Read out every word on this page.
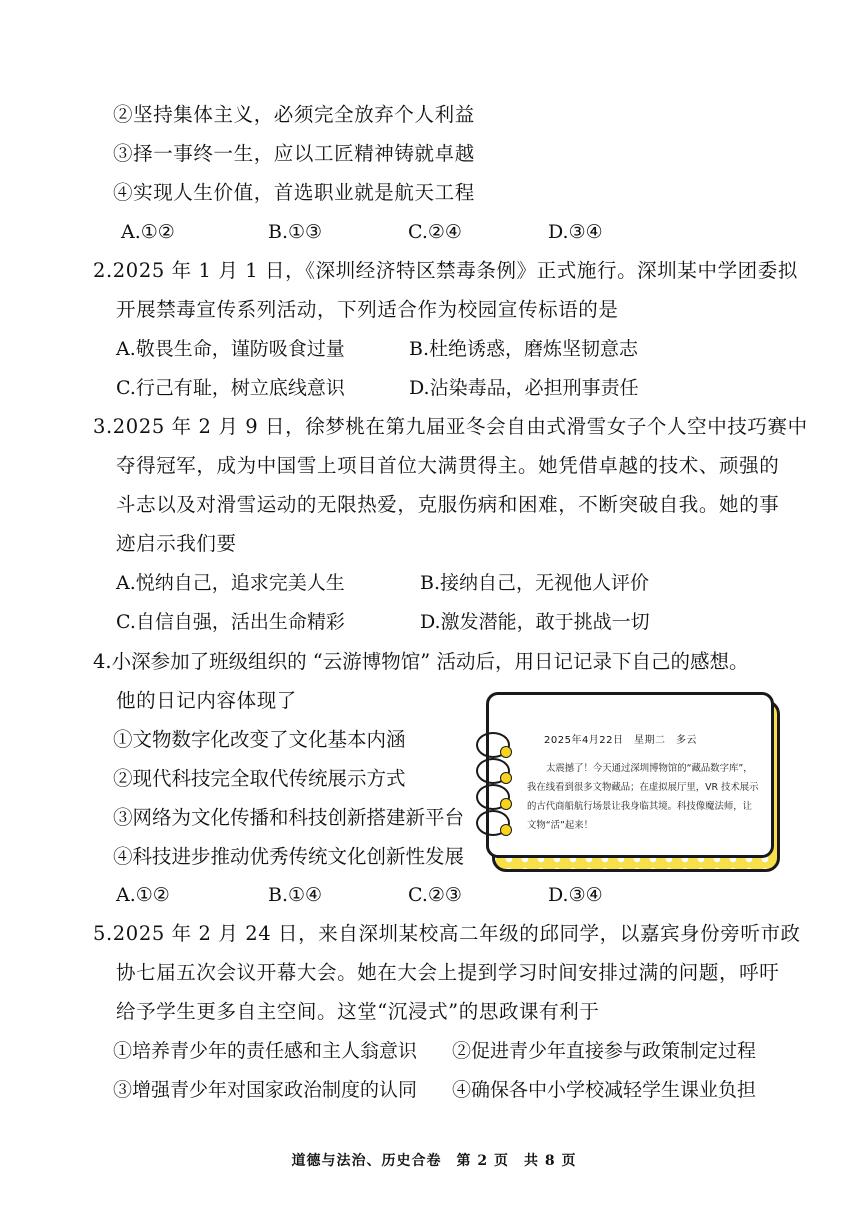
②坚持集体主义，必须完全放弃个人利益
③择一事终一生，应以工匠精神铸就卓越
④实现人生价值，首选职业就是航天工程
A.①②	B.①③	C.②④	D.③④
2.2025 年 1 月 1 日，《深圳经济特区禁毒条例》正式施行。深圳某中学团委拟
开展禁毒宣传系列活动，下列适合作为校园宣传标语的是
A.敬畏生命，谨防吸食过量	B.杜绝诱惑，磨炼坚韧意志
C.行己有耻，树立底线意识	D.沾染毒品，必担刑事责任
3.2025 年 2 月 9 日，徐梦桃在第九届亚冬会自由式滑雪女子个人空中技巧赛中
夺得冠军，成为中国雪上项目首位大满贯得主。她凭借卓越的技术、顽强的
斗志以及对滑雪运动的无限热爱，克服伤病和困难，不断突破自我。她的事
迹启示我们要
A.悦纳自己，追求完美人生	B.接纳自己，无视他人评价
C.自信自强，活出生命精彩	D.激发潜能，敢于挑战一切
4.小深参加了班级组织的 “云游博物馆” 活动后，用日记记录下自己的感想。
他的日记内容体现了
①文物数字化改变了文化基本内涵
②现代科技完全取代传统展示方式
③网络为文化传播和科技创新搭建新平台
④科技进步推动优秀传统文化创新性发展
A.①②	B.①④	C.②③	D.③④
2025年4月22日　星期二　多云
太震撼了！今天通过深圳博物馆的“藏品数字库”，我在线看到很多文物藏品；在虚拟展厅里，VR 技术展示的古代商船航行场景让我身临其境。科技像魔法师，让文物“活”起来！
5.2025 年 2 月 24 日，来自深圳某校高二年级的邱同学，以嘉宾身份旁听市政
协七届五次会议开幕大会。她在大会上提到学习时间安排过满的问题，呼吁
给予学生更多自主空间。这堂“沉浸式”的思政课有利于
①培养青少年的责任感和主人翁意识 ②促进青少年直接参与政策制定过程
③增强青少年对国家政治制度的认同 ④确保各中小学校减轻学生课业负担
道德与法治、历史合卷　第 2 页　共 8 页
